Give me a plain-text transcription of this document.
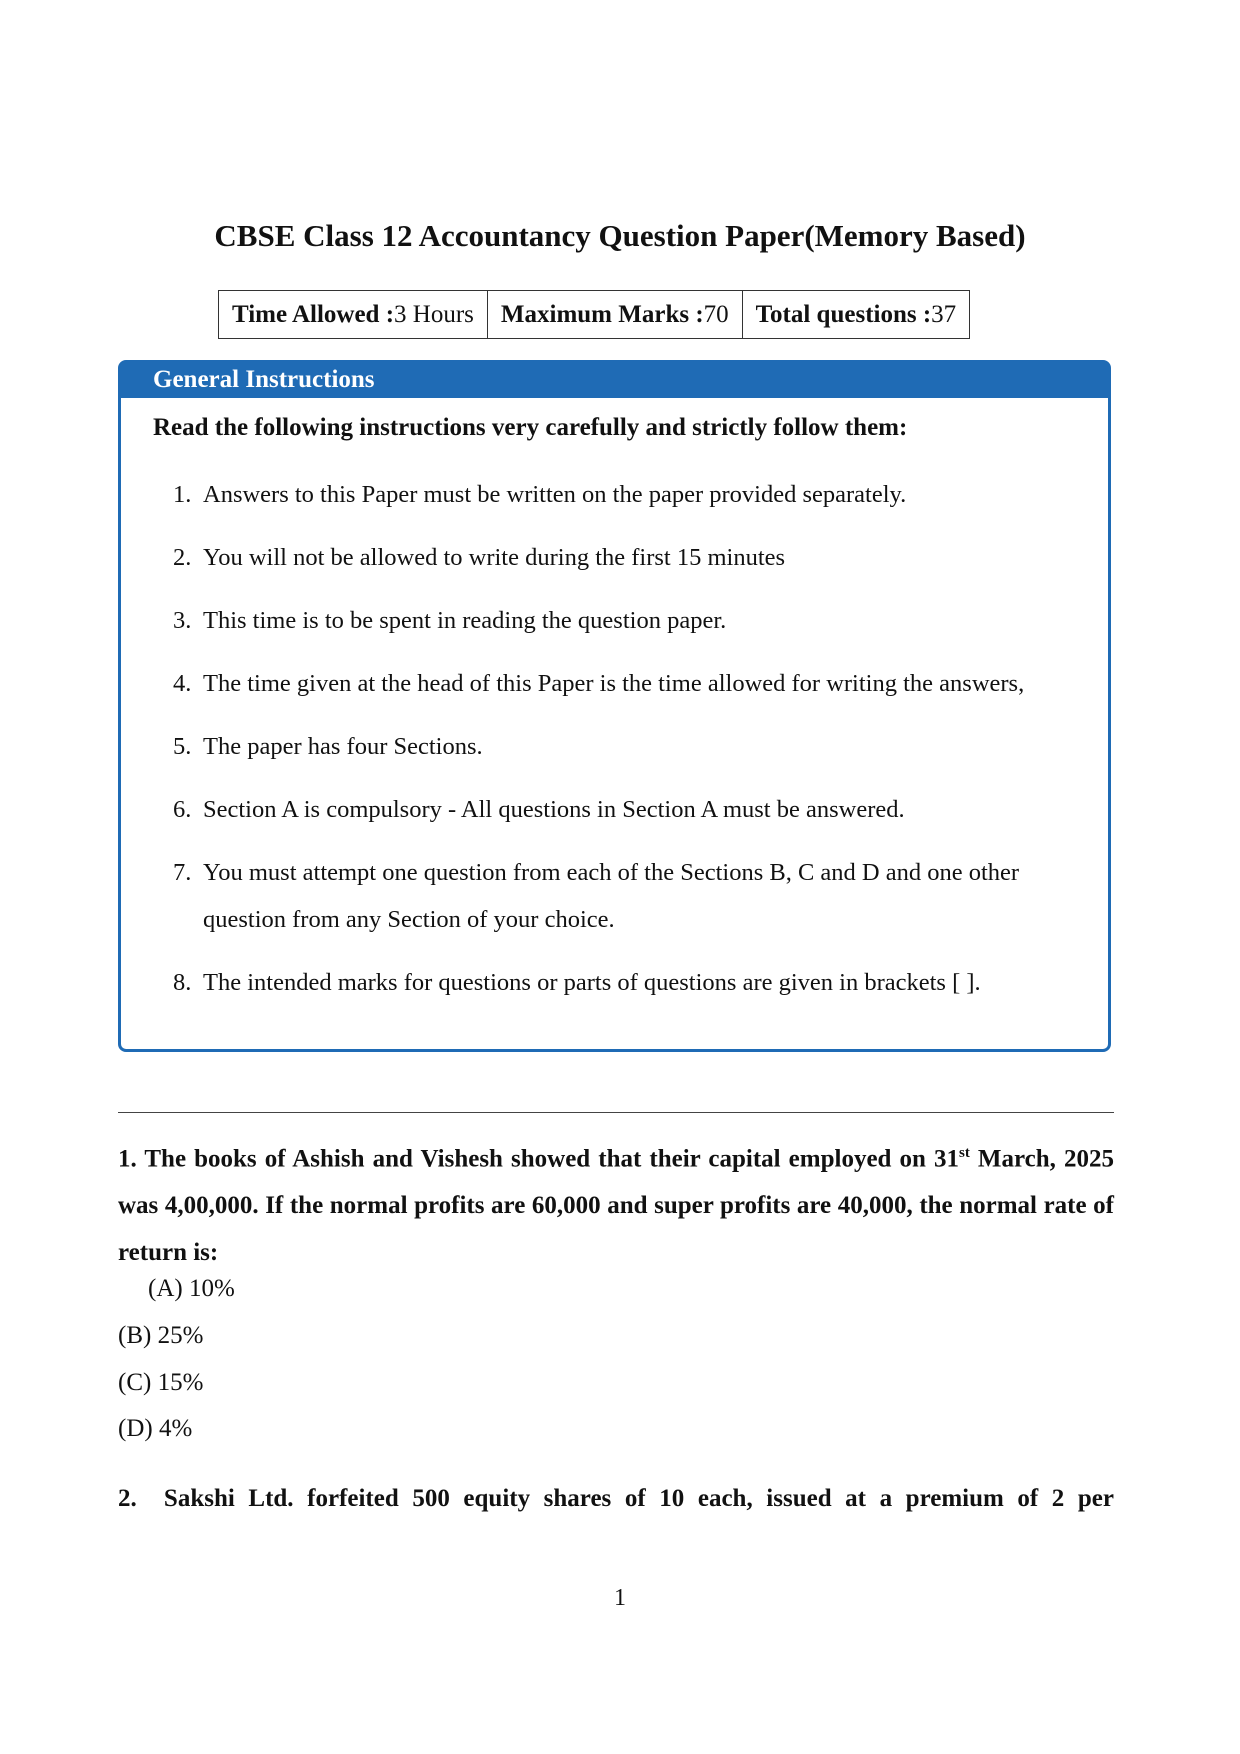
CBSE Class 12 Accountancy Question Paper(Memory Based)
Time Allowed :3 Hours	Maximum Marks :70	Total questions :37
General Instructions
Read the following instructions very carefully and strictly follow them:
1. Answers to this Paper must be written on the paper provided separately.
2. You will not be allowed to write during the first 15 minutes
3. This time is to be spent in reading the question paper.
4. The time given at the head of this Paper is the time allowed for writing the answers,
5. The paper has four Sections.
6. Section A is compulsory - All questions in Section A must be answered.
7. You must attempt one question from each of the Sections B, C and D and one other question from any Section of your choice.
8. The intended marks for questions or parts of questions are given in brackets [ ].
1. The books of Ashish and Vishesh showed that their capital employed on 31st March, 2025 was 4,00,000. If the normal profits are 60,000 and super profits are 40,000, the normal rate of return is:
(A) 10%
(B) 25%
(C) 15%
(D) 4%
2. Sakshi Ltd. forfeited 500 equity shares of 10 each, issued at a premium of 2 per
1
